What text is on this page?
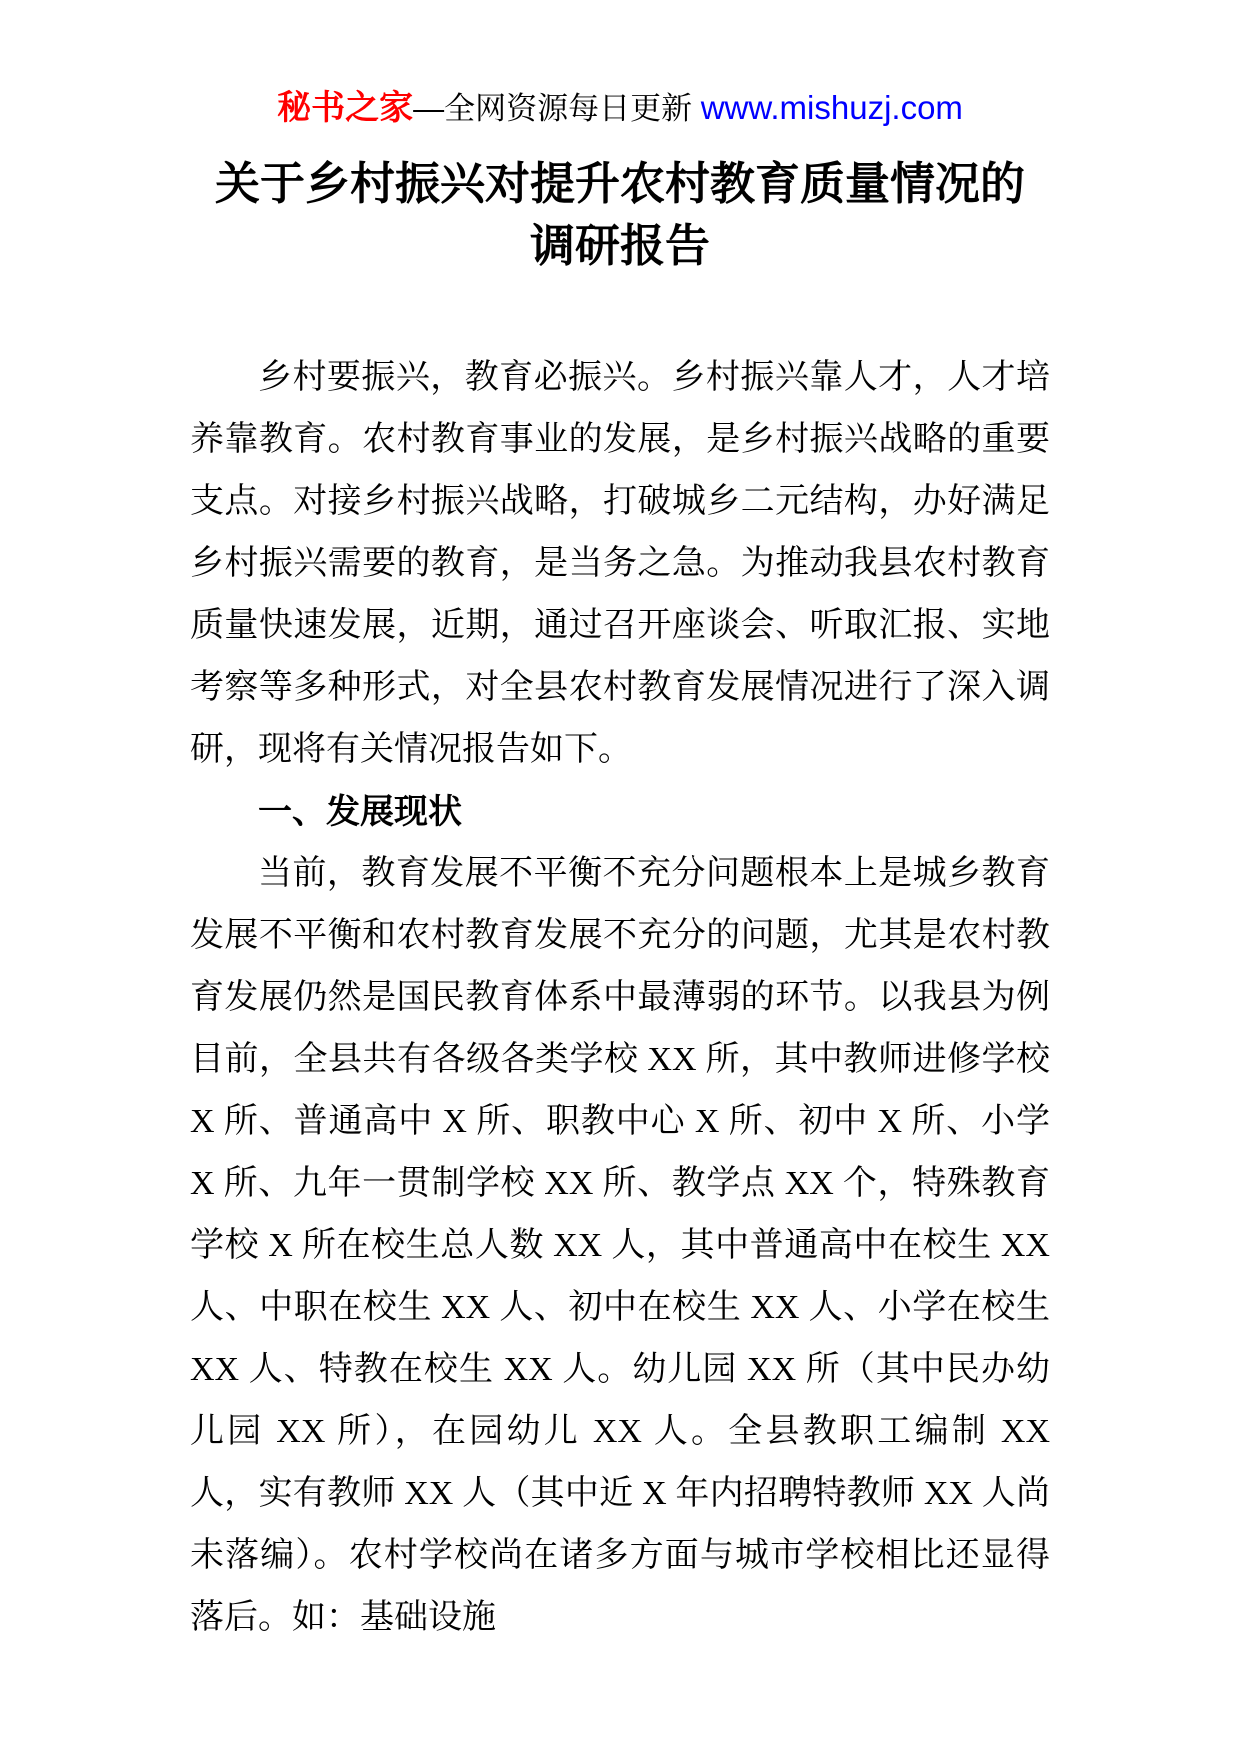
秘书之家—全网资源每日更新 www.mishuzj.com
关于乡村振兴对提升农村教育质量情况的调研报告

乡村要振兴，教育必振兴。乡村振兴靠人才，人才培养靠教育。农村教育事业的发展，是乡村振兴战略的重要支点。对接乡村振兴战略，打破城乡二元结构，办好满足乡村振兴需要的教育，是当务之急。为推动我县农村教育质量快速发展，近期，通过召开座谈会、听取汇报、实地考察等多种形式，对全县农村教育发展情况进行了深入调研，现将有关情况报告如下。

一、发展现状

当前，教育发展不平衡不充分问题根本上是城乡教育发展不平衡和农村教育发展不充分的问题，尤其是农村教育发展仍然是国民教育体系中最薄弱的环节。以我县为例目前，全县共有各级各类学校 XX 所，其中教师进修学校 X 所、普通高中 X 所、职教中心 X 所、初中 X 所、小学 X 所、九年一贯制学校 XX 所、教学点 XX 个，特殊教育学校 X 所在校生总人数 XX 人，其中普通高中在校生 XX 人、中职在校生 XX 人、初中在校生 XX 人、小学在校生 XX 人、特教在校生 XX 人。幼儿园 XX 所（其中民办幼儿园 XX 所），在园幼儿 XX 人。全县教职工编制 XX 人，实有教师 XX 人（其中近 X 年内招聘特教师 XX 人尚未落编）。农村学校尚在诸多方面与城市学校相比还显得落后。如：基础设施
